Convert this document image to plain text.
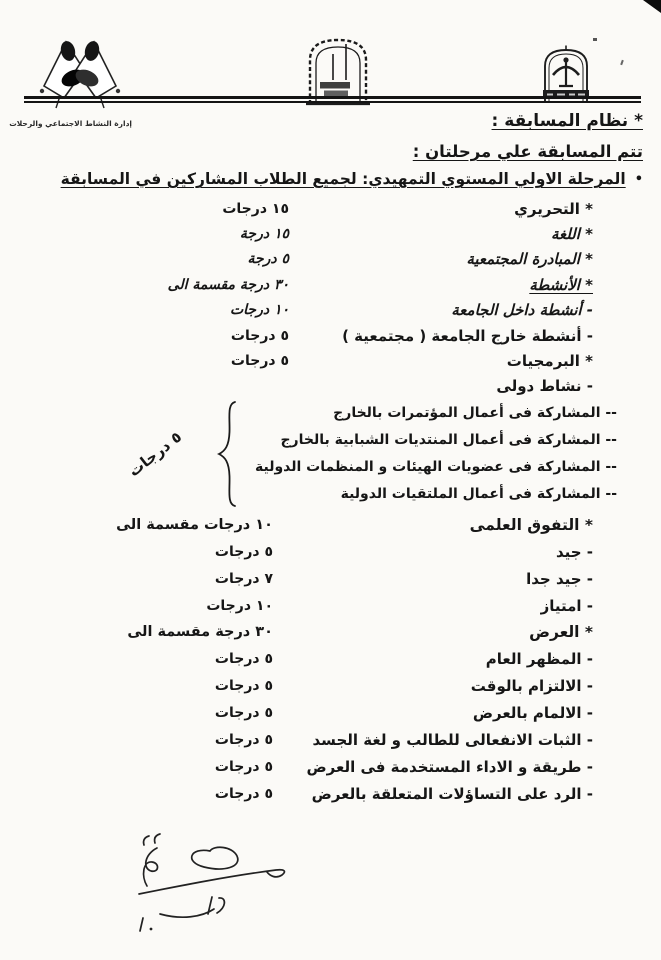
إدارة النشاط الاجتماعي والرحلات	* نظام المسابقة :
تتم المسابقة علي مرحلتان :
•
المرحلة الاولي المستوي التمهيدي: لجميع الطلاب المشاركين في المسابقة
* التحريري
١٥ درجات
* اللغة
١٥ درجة
* المبادرة المجتمعية
٥ درجة
* الأنشطة
٣٠ درجة مقسمة الى
- أنشطة داخل الجامعة
١٠ درجات
- أنشطة خارج الجامعة ( مجتمعية )
٥ درجات
* البرمجيات
٥ درجات
- نشاط دولى
-- المشاركة فى أعمال المؤتمرات بالخارج
-- المشاركة فى أعمال المنتديات الشبابية بالخارج
-- المشاركة فى عضويات الهيئات و المنظمات الدولية
-- المشاركة فى أعمال الملتقيات الدولية
٥ درجات
* التفوق العلمى
١٠ درجات مقسمة الى
- جيد
٥ درجات
- جيد جدا
٧ درجات
- امتياز
١٠ درجات
* العرض
٣٠ درجة مقسمة الى
- المظهر العام
٥ درجات
- الالتزام بالوقت
٥ درجات
- الالمام بالعرض
٥ درجات
- الثبات الانفعالى للطالب و لغة الجسد
٥ درجات
- طريقة و الاداء المستخدمة فى العرض
٥ درجات
- الرد على التساؤلات المتعلقة بالعرض
٥ درجات
